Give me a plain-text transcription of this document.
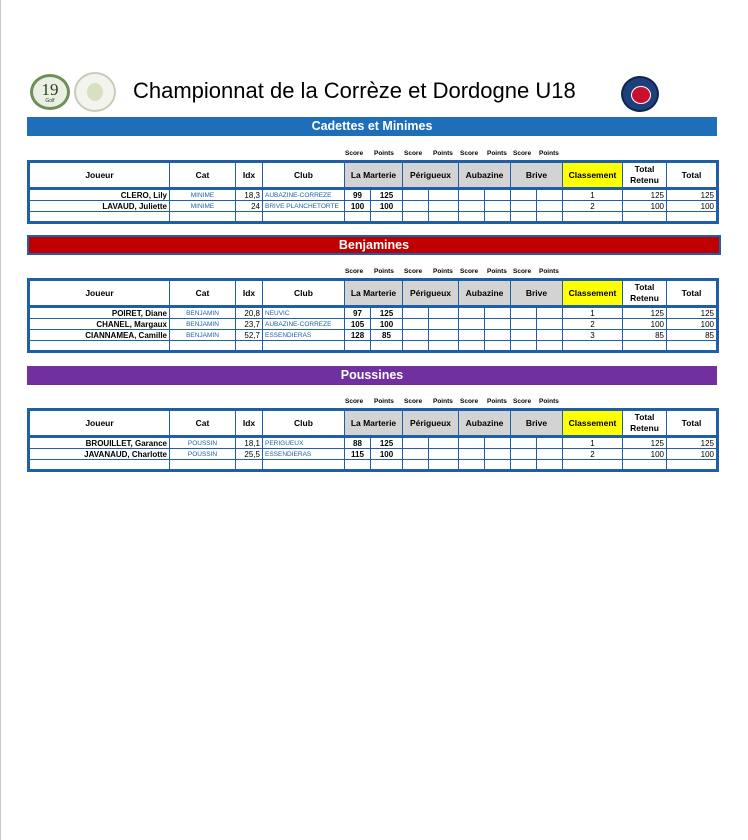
19
Golf	Championnat de la Corrèze et Dordogne U18
Cadettes et Minimes
Score Points Score Points Score Points Score Points
Joueur	Cat	Idx	Club	La Marterie		Périgueux		Aubazine		Brive		Classement	Total Retenu	Total
CLERO, Lily	MINIME	18,3	AUBAZINE-CORREZE	99	125							1	125	125
LAVAUD, Juliette	MINIME	24	BRIVE PLANCHETORTE	100	100							2	100	100

Benjamines
Score Points Score Points Score Points Score Points
Joueur	Cat	Idx	Club	La Marterie		Périgueux		Aubazine		Brive		Classement	Total Retenu	Total
POIRET, Diane	BENJAMIN	20,8	NEUVIC	97	125							1	125	125
CHANEL, Margaux	BENJAMIN	23,7	AUBAZINE-CORREZE	105	100							2	100	100
CIANNAMEA, Camille	BENJAMIN	52,7	ESSENDIERAS	128	85							3	85	85

Poussines
Score Points Score Points Score Points Score Points
Joueur	Cat	Idx	Club	La Marterie		Périgueux		Aubazine		Brive		Classement	Total Retenu	Total
BROUILLET, Garance	POUSSIN	18,1	PERIGUEUX	88	125							1	125	125
JAVANAUD, Charlotte	POUSSIN	25,5	ESSENDIERAS	115	100							2	100	100
